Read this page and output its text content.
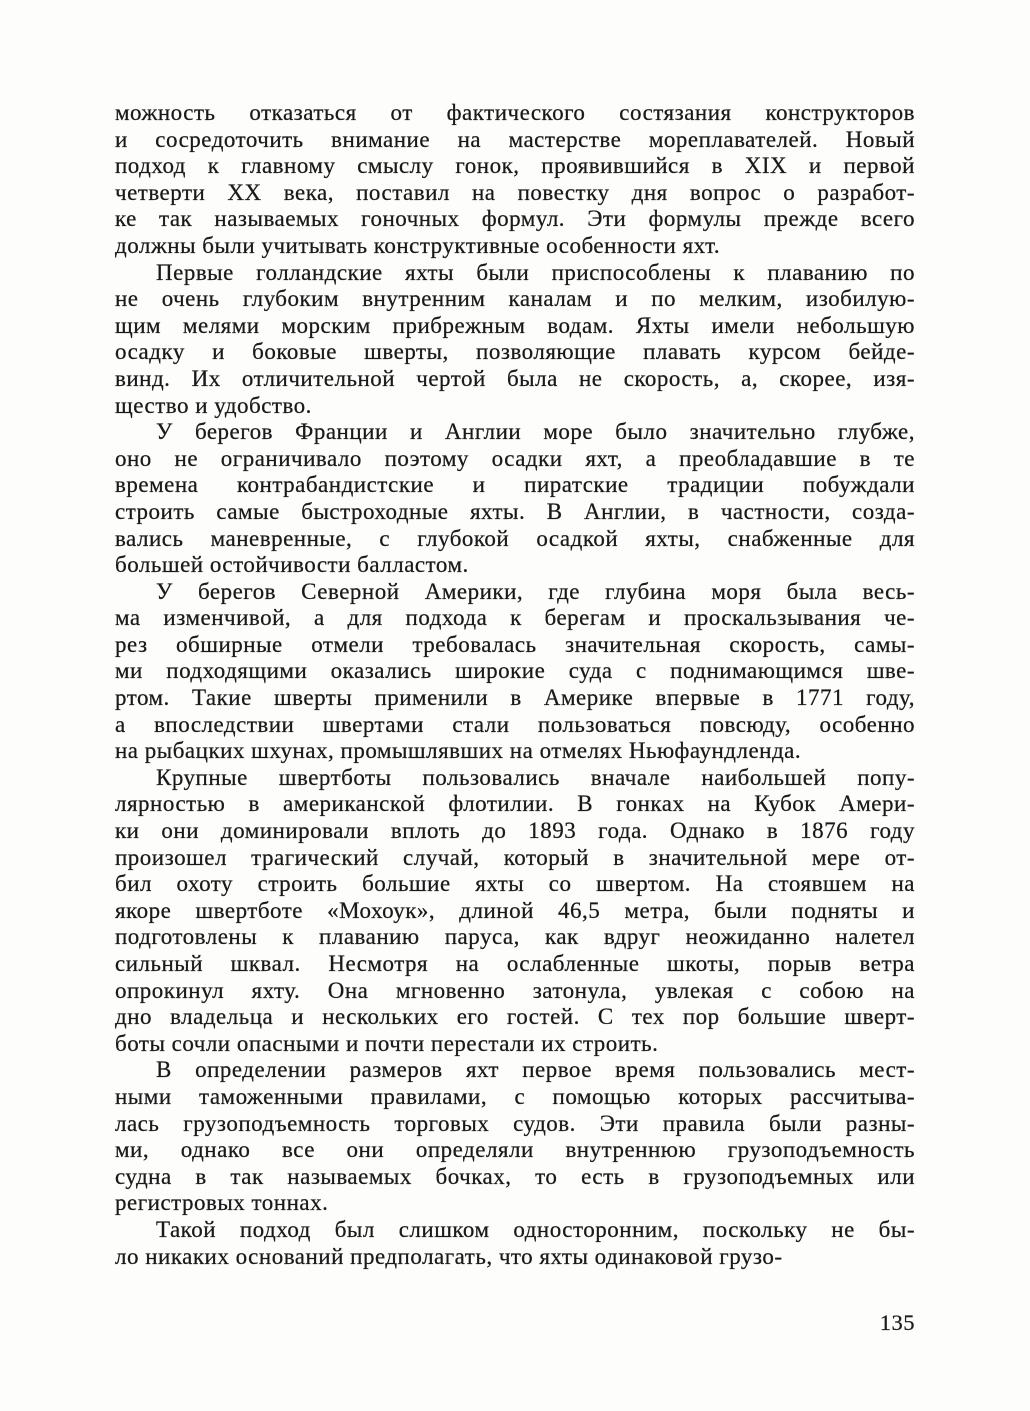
можность отказаться от фактического состязания конструкторов
и сосредоточить внимание на мастерстве мореплавателей. Новый
подход к главному смыслу гонок, проявившийся в XIX и первой
четверти XX века, поставил на повестку дня вопрос о разработ-
ке так называемых гоночных формул. Эти формулы прежде всего
должны были учитывать конструктивные особенности яхт.

Первые голландские яхты были приспособлены к плаванию по
не очень глубоким внутренним каналам и по мелким, изобилую-
щим мелями морским прибрежным водам. Яхты имели небольшую
осадку и боковые шверты, позволяющие плавать курсом бейде-
винд. Их отличительной чертой была не скорость, а, скорее, изя-
щество и удобство.

У берегов Франции и Англии море было значительно глубже,
оно не ограничивало поэтому осадки яхт, а преобладавшие в те
времена контрабандистские и пиратские традиции побуждали
строить самые быстроходные яхты. В Англии, в частности, созда-
вались маневренные, с глубокой осадкой яхты, снабженные для
большей остойчивости балластом.

У берегов Северной Америки, где глубина моря была весь-
ма изменчивой, а для подхода к берегам и проскальзывания че-
рез обширные отмели требовалась значительная скорость, самы-
ми подходящими оказались широкие суда с поднимающимся шве-
ртом. Такие шверты применили в Америке впервые в 1771 году,
а впоследствии швертами стали пользоваться повсюду, особенно
на рыбацких шхунах, промышлявших на отмелях Ньюфаундленда.

Крупные швертботы пользовались вначале наибольшей попу-
лярностью в американской флотилии. В гонках на Кубок Амери-
ки они доминировали вплоть до 1893 года. Однако в 1876 году
произошел трагический случай, который в значительной мере от-
бил охоту строить большие яхты со швертом. На стоявшем на
якоре швертботе «Мохоук», длиной 46,5 метра, были подняты и
подготовлены к плаванию паруса, как вдруг неожиданно налетел
сильный шквал. Несмотря на ослабленные шкоты, порыв ветра
опрокинул яхту. Она мгновенно затонула, увлекая с собою на
дно владельца и нескольких его гостей. С тех пор большие шверт-
боты сочли опасными и почти перестали их строить.

В определении размеров яхт первое время пользовались мест-
ными таможенными правилами, с помощью которых рассчитыва-
лась грузоподъемность торговых судов. Эти правила были разны-
ми, однако все они определяли внутреннюю грузоподъемность
судна в так называемых бочках, то есть в грузоподъемных или
регистровых тоннах.

Такой подход был слишком односторонним, поскольку не бы-
ло никаких оснований предполагать, что яхты одинаковой грузо-

135
